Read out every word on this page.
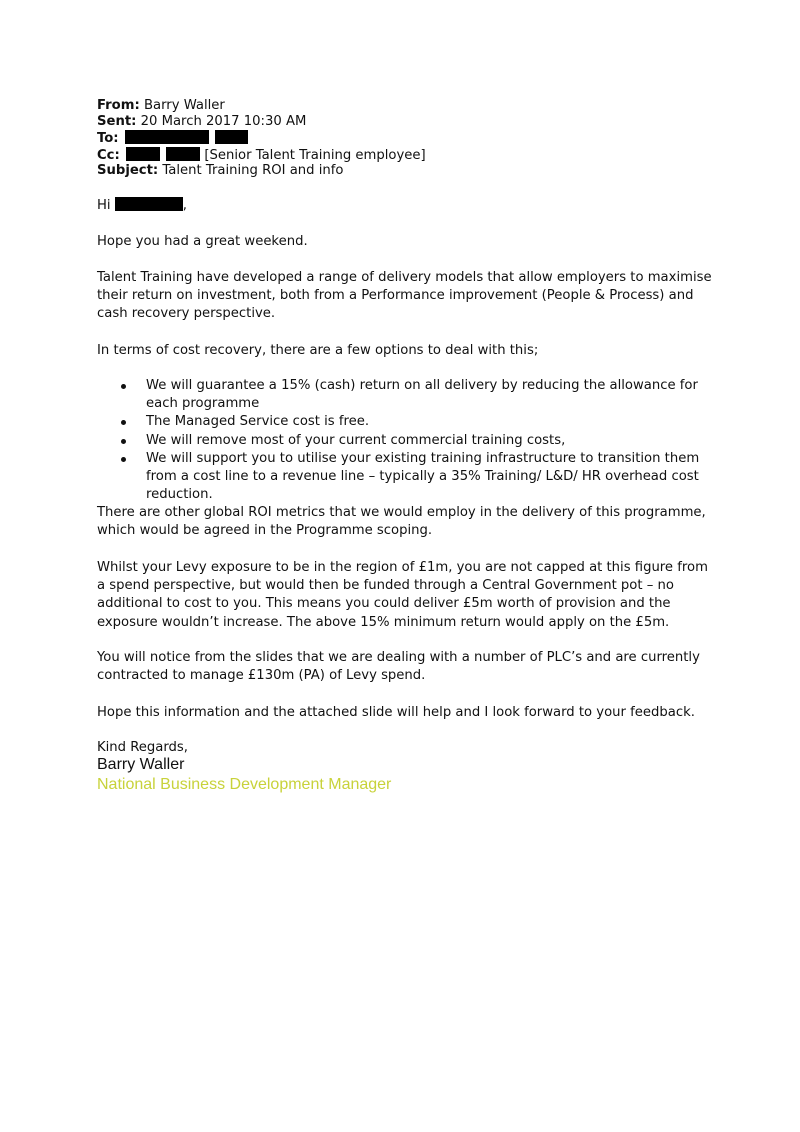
From: Barry Waller
Sent: 20 March 2017 10:30 AM
To:
Cc:	[Senior Talent Training employee]
Subject: Talent Training ROI and info
Hi	,
Hope you had a great weekend.
Talent Training have developed a range of delivery models that allow employers to maximise their return on investment, both from a Performance improvement (People & Process) and cash recovery perspective.
In terms of cost recovery, there are a few options to deal with this;
We will guarantee a 15% (cash) return on all delivery by reducing the allowance for each programme
The Managed Service cost is free.
We will remove most of your current commercial training costs,
We will support you to utilise your existing training infrastructure to transition them from a cost line to a revenue line – typically a 35% Training/ L&D/ HR overhead cost reduction.
There are other global ROI metrics that we would employ in the delivery of this programme, which would be agreed in the Programme scoping.
Whilst your Levy exposure to be in the region of £1m, you are not capped at this figure from a spend perspective, but would then be funded through a Central Government pot – no additional to cost to you. This means you could deliver £5m worth of provision and the exposure wouldn’t increase. The above 15% minimum return would apply on the £5m.
You will notice from the slides that we are dealing with a number of PLC’s and are currently contracted to manage £130m (PA) of Levy spend.
Hope this information and the attached slide will help and I look forward to your feedback.
Kind Regards,
Barry Waller
National Business Development Manager
